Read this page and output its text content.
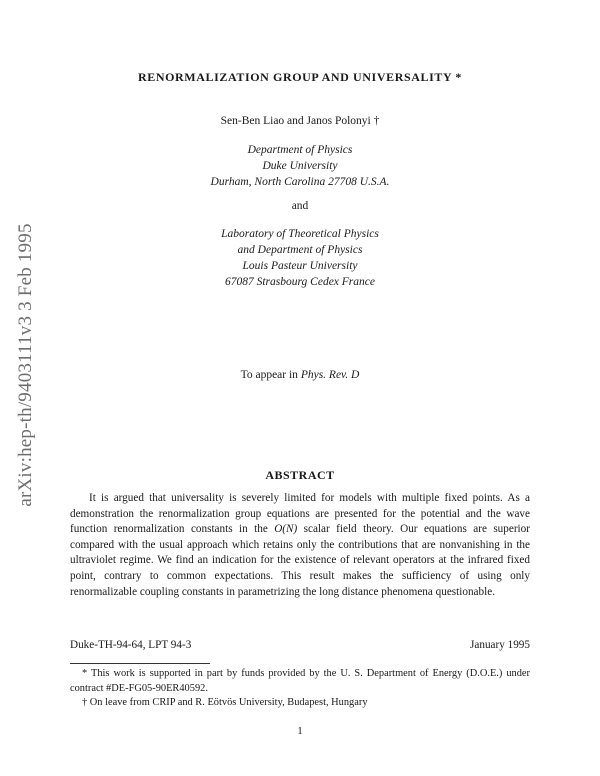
arXiv:hep-th/9403111v3 3 Feb 1995
RENORMALIZATION GROUP AND UNIVERSALITY *
Sen-Ben Liao and Janos Polonyi †
Department of Physics
Duke University
Durham, North Carolina 27708 U.S.A.
and
Laboratory of Theoretical Physics
and Department of Physics
Louis Pasteur University
67087 Strasbourg Cedex France
To appear in Phys. Rev. D
ABSTRACT
It is argued that universality is severely limited for models with multiple fixed points. As a demonstration the renormalization group equations are presented for the potential and the wave function renormalization constants in the O(N) scalar field theory. Our equations are superior compared with the usual approach which retains only the contributions that are nonvanishing in the ultraviolet regime. We find an indication for the existence of relevant operators at the infrared fixed point, contrary to common expectations. This result makes the sufficiency of using only renormalizable coupling constants in parametrizing the long distance phenomena questionable.
Duke-TH-94-64, LPT 94-3	January 1995
* This work is supported in part by funds provided by the U. S. Department of Energy (D.O.E.) under contract #DE-FG05-90ER40592.
† On leave from CRIP and R. Eötvös University, Budapest, Hungary
1
